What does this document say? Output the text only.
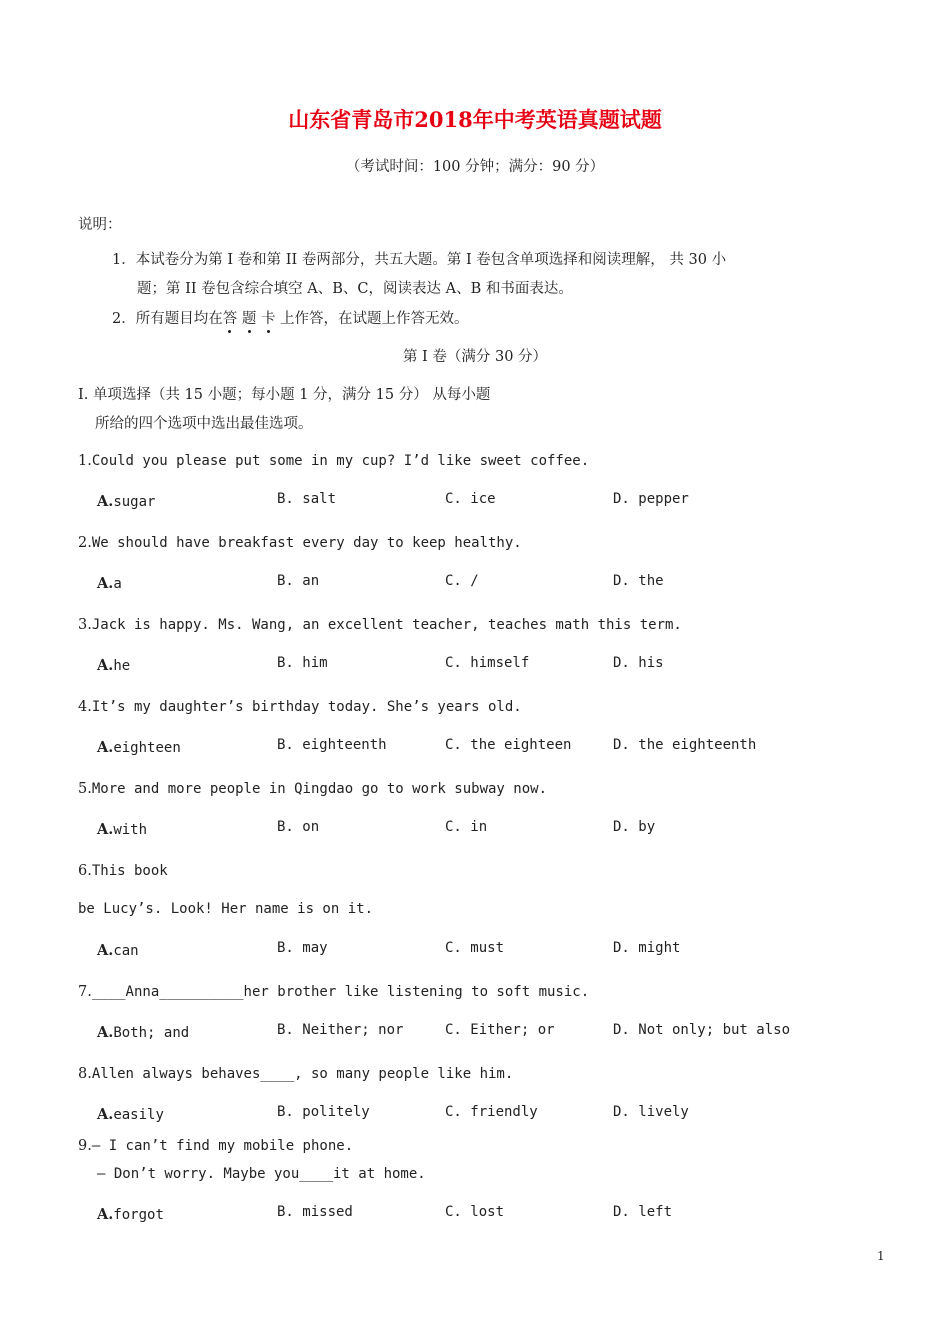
山东省青岛市2018年中考英语真题试题
（考试时间：100 分钟；满分：90 分）
说明：
1．本试卷分为第 I 卷和第 II 卷两部分，共五大题。第 I 卷包含单项选择和阅读理解， 共 30 小
题；第 II 卷包含综合填空 A、B、C，阅读表达 A、B 和书面表达。
2．所有题目均在答 题 卡 上作答，在试题上作答无效。
第 I 卷（满分 30 分）
I. 单项选择（共 15 小题；每小题 1 分，满分 15 分） 从每小题
所给的四个选项中选出最佳选项。
1.Could you please put some in my cup? I’d like sweet coffee.
A.sugar	B. salt	C. ice	D. pepper
2.We should have breakfast every day to keep healthy.
A.a	B. an	C. /	D. the
3.Jack is happy. Ms. Wang, an excellent teacher, teaches math this term.
A.he	B. him	C. himself	D. his
4.It’s my daughter’s birthday today. She’s years old.
A.eighteen	B. eighteenth	C. the eighteen	D. the eighteenth
5.More and more people in Qingdao go to work subway now.
A.with	B. on	C. in	D. by
6.This book
be Lucy’s. Look! Her name is on it.
A.can	B. may	C. must	D. might
7.____Anna__________her brother like listening to soft music.
A.Both; and	B. Neither; nor	C. Either; or	D. Not only; but also
8.Allen always behaves____, so many people like him.
A.easily	B. politely	C. friendly	D. lively
9.— I can’t find my mobile phone.
— Don’t worry. Maybe you____it at home.
A.forgot	B. missed	C. lost	D. left
1
